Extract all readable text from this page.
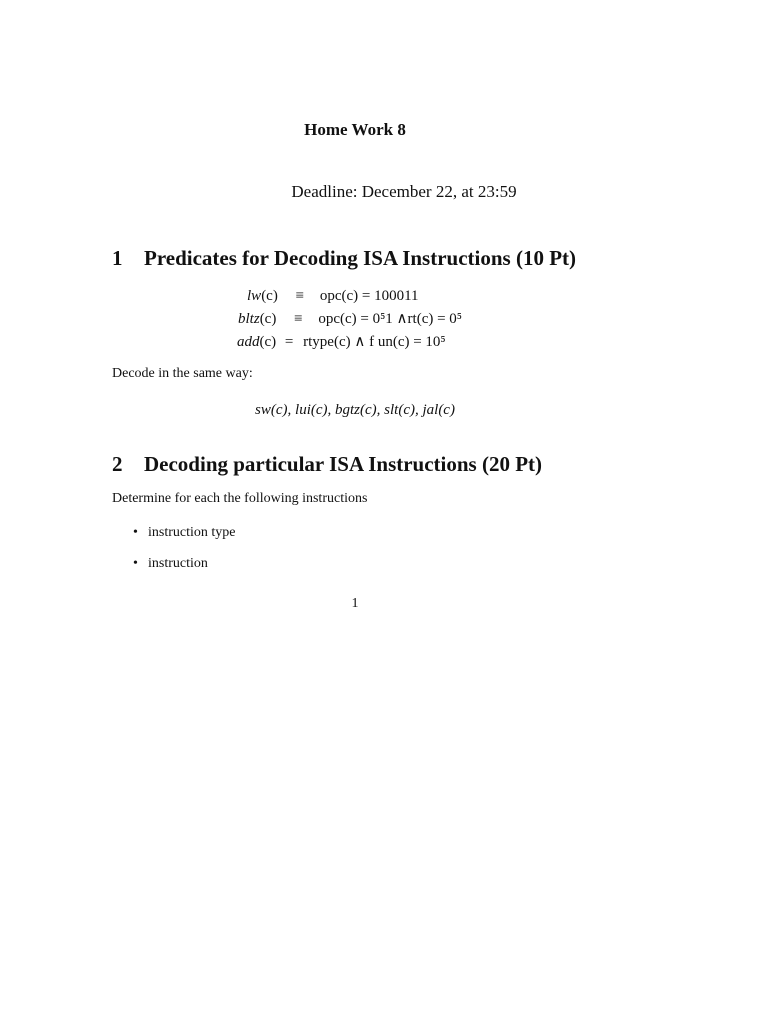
Home Work 8
Deadline: December 22, at 23:59
1 Predicates for Decoding ISA Instructions (10 Pt)
lw(c) ≡ opc(c) = 100011
bltz(c) ≡ opc(c) = 0⁵1 ∧rt(c) = 0⁵
add(c) = rtype(c) ∧ f un(c) = 10⁵
Decode in the same way:
sw(c), lui(c), bgtz(c), slt(c), jal(c)
2 Decoding particular ISA Instructions (20 Pt)
Determine for each the following instructions
• instruction type
• instruction
1
